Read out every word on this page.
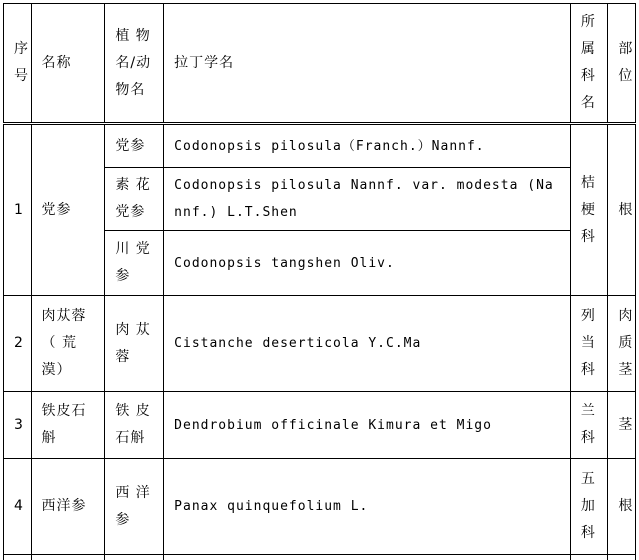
序号	名称	植 物 名/动物名	拉丁学名	所属科名	部位
1	党参	党参	Codonopsis pilosula（Franch.）Nannf.	桔梗科	根
		素 花 党参	Codonopsis pilosula Nannf. var. modesta (Nannf.) L.T.Shen		
		川 党 参	Codonopsis tangshen Oliv.		
2	肉苁蓉（ 荒漠）	肉 苁 蓉	Cistanche deserticola Y.C.Ma	列当科	肉质茎
3	铁皮石斛	铁 皮 石斛	Dendrobium officinale Kimura et Migo	兰科	茎
4	西洋参	西 洋 参	Panax quinquefolium L.	五加科	根
